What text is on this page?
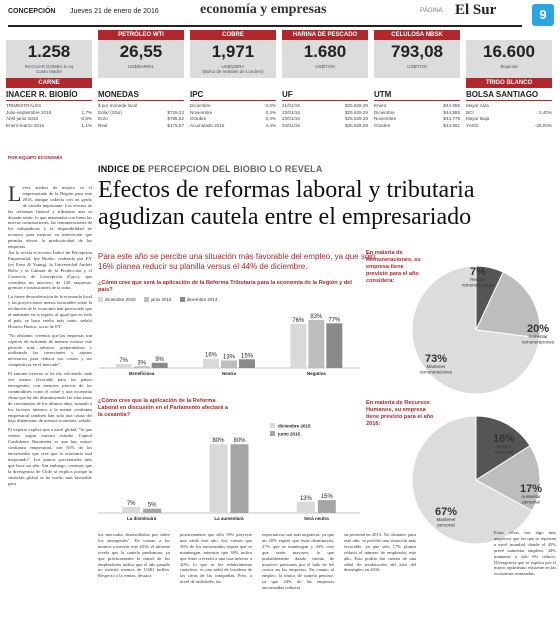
CONCEPCIÓN Jueves 21 de enero de 2016	economía y empresas	PÁGINA El Sur	9
1.258
INACUAR DOMBA S.Aq
Costo Madre
CARNE
PETRÓLEO WTI
26,55
US$/BARRIL
COBRE
1,971
US$/LIBRA
(Bolsa de metales de Londres)
HARINA DE PESCADO
1.680
US$/TON
CELULOSA NBSK
793,08
US$/TON
16.600
$/quintal
TRIGO BLANCO
INACER R. BIOBÍO
TRIMESTRALES
Julio-septiembre 2015	1,7%
Abril-junio 2015	-0,6%
Enero-marzo 2015	1,1%
MONEDAS
$ por moneda local
Dólar (Obs)	$729,22
Euro	$795,52
Real	$179,57
IPC
Diciembre	0,0%
Noviembre	0,4%
Octubre	0,4%
Acumulado 2015	4,4%
UF
21/01/16	$25.629,29
22/01/16	$25.629,29
23/01/16	$25.629,29
24/01/16	$25.629,29
UTM
Enero	$44.955
Diciembre	$44.955
Noviembre	$44.775
Octubre	$44.551
BOLSA SANTIAGO
Mayor Alza
BCI	2,40%
Mayor Baja
YASO	-25,00%
POR EQUIPO ECONOMÍA
INDICE DE PERCEPCION DEL BIOBIO LO REVELA
Efectos de reformas laboral y tributaria agudizan cautela entre el empresariado
Para este año se percibe una situación más favorable del empleo, ya que sólo 16% planea reducir su planilla versus el 44% de diciembre.
L eves atisbos de mejora ve el empresariado de la Región para este 2016, aunque todavía con un grado de cautela importante. Los efectos de las reformas laboral y tributaria aún se dejarán sentir, lo que mantendrá con freno las nuevas contrataciones, las remuneraciones de los trabajadores y la disponibilidad de recursos para mejorar en innovación que permita elevar la productividad de las empresas.

Así lo revela el noveno Índice de Percepción Empresarial, Ipe Biobío, realizado por EY (ex Ernst & Young), la Universidad Andrés Bello y la Cámara de la Producción y el Comercio de Concepción (Cpcc), que considera un universo de 130 empresas, gremios e instituciones de la zona.

La fuerte desaceleración de la economía local y las proyecciones menos favorables sobre la evolución de la economía han provocado que el ambiente en la región, al igual que en todo el país, se haya vuelto más cauto, señaló Horacio Bustos, socio de EY.

"No obstante, creemos que las empresas son capaces de enfrentar de manera exitosa este periodo más adverso, preparándose y realizando las inversiones y ajustes necesarios para reducir sus costos y ser competitivas en el mercado".

El entorno externo se ha ido volviendo cada vez menos favorable para los países emergentes, con menores precios de los commodities como el cobre y una economía china que ha ido disminuyendo las altas tasas de crecimiento de los últimos años, sumado a los factores internos y la menor confianza empresarial también han sido una causa del bajo dinamismo de nuestra economía, señaló.

El experto explica que a nivel global, "lo que vemos según nuestro estudio Capital Confidence Barometer es que hay mayor confianza empresarial, con 83% de los encuestados que cree que la economía está mejorando". Los puntos porcentuales más que hace un año. Sin embargo, creemos que la divergencia de Chile se explica porque la situación global se ha vuelto más favorable para

¿Cómo cree que será la aplicación de la Reforma Tributaria para la economía de la Región y del país?
diciembre 2015	junio 2015	diciembre 2014
7% 3%
9%
Beneficiosa
16% 13% 15%
Neutra
76%
83%
77%
Negativa
¿Cómo cree que la aplicación de la Reforma Laboral en discusión en el Parlamento afectará a la cesantía?
7% 5%
La disminuirá
80% 80%
La aumentará
13% 15%
Será neutra
diciembre 2015
junio 2015
los mercados desarrollados por sobre los emergentes". En cuanto a los montos a invertir este 2016, el informe revela que la cautela predomina, ya que prácticamente la mitad de los empleadores indica que el año pasado no invirtió montos de US$1 millón. Respecto a la ventas, destaca
positivamente que sólo 19% proyecte una caída este año. Así, vemos que 56% de los encuestados espera que se mantengan, mientras que 38% indica que éstas crecerán a una tasa inferior a 20%, lo que se lee relativamente cauteloso, es una señal de fortaleza de las cifras de las compañías. Pero, a nivel de utilidades, las
expectativas son más negativas, ya que un 20% espera que éstas disminuyan, 27% que se mantengan y 43% cree que serán mayores, lo que probablemente dando cuenta de mayores presiones por el lado de los costos en las empresas. En cuanto al empleo, la tónica de cautela persiste, ya que 44% de las empresas encuestadas reducirá
su personal en 2015. No obstante, para este año, se percibe una situación más favorable, ya que sólo 17% planea reducir el número de empleados este año. Esto podría dar cuenta de una señal de moderación del alza del desempleo en 2016.
En materia de Remuneraciones, su empresa tiene previsto para el año considera:
7%
Reducir
remuneraciones
20%
Aumentar
remuneraciones
73%
Mantener
remuneraciones
En materia de Recursos Humanos, su empresa tiene previsto para el año 2016:
16%
Reducir
personal
17%
Aumentar
personal
67%
Mantener
personal
Estas cifras son algo más negativas que las que se reportan a nivel mundial, donde el 45% prevé aumentar empleos, 44% mantener y sólo 6% reducir. Divergencia que se explica por el mayor optimismo existente en las economías avanzadas.
